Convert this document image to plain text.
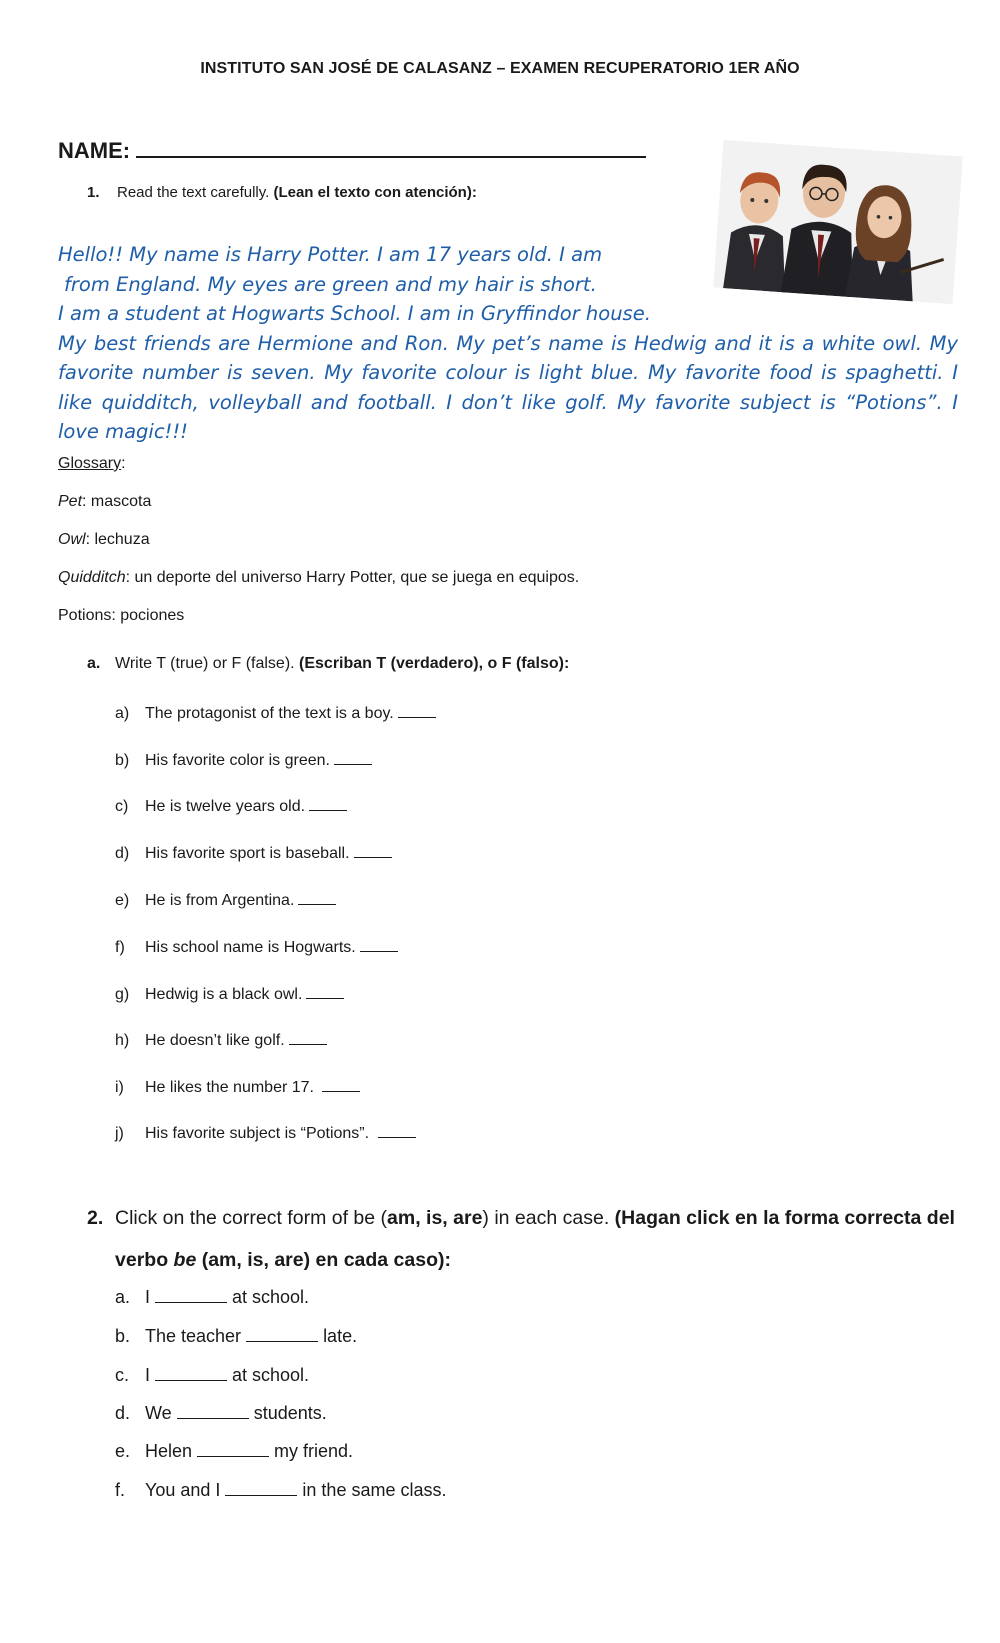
INSTITUTO SAN JOSÉ DE CALASANZ – EXAMEN RECUPERATORIO 1ER AÑO
NAME:
1. Read the text carefully. (Lean el texto con atención):
Hello!! My name is Harry Potter. I am 17 years old. I am
from England. My eyes are green and my hair is short.
I am a student at Hogwarts School. I am in Gryffindor house.
My best friends are Hermione and Ron. My pet’s name is Hedwig and it is a white owl. My favorite number is seven. My favorite colour is light blue. My favorite food is spaghetti. I like quidditch, volleyball and football. I don’t like golf. My favorite subject is “Potions”. I love magic!!!
Glossary:
Pet: mascota
Owl: lechuza
Quidditch: un deporte del universo Harry Potter, que se juega en equipos.
Potions: pociones
a. Write T (true) or F (false). (Escriban T (verdadero), o F (falso):
a) The protagonist of the text is a boy.
b) His favorite color is green.
c) He is twelve years old.
d) His favorite sport is baseball.
e) He is from Argentina.
f) His school name is Hogwarts.
g) Hedwig is a black owl.
h) He doesn’t like golf.
i) He likes the number 17.
j) His favorite subject is “Potions”.
2. Click on the correct form of be (am, is, are) in each case. (Hagan click en la forma correcta del verbo be (am, is, are) en cada caso):
a. I	at school.
b. The teacher	late.
c. I	at school.
d. We	students.
e. Helen	my friend.
f. You and I	in the same class.
